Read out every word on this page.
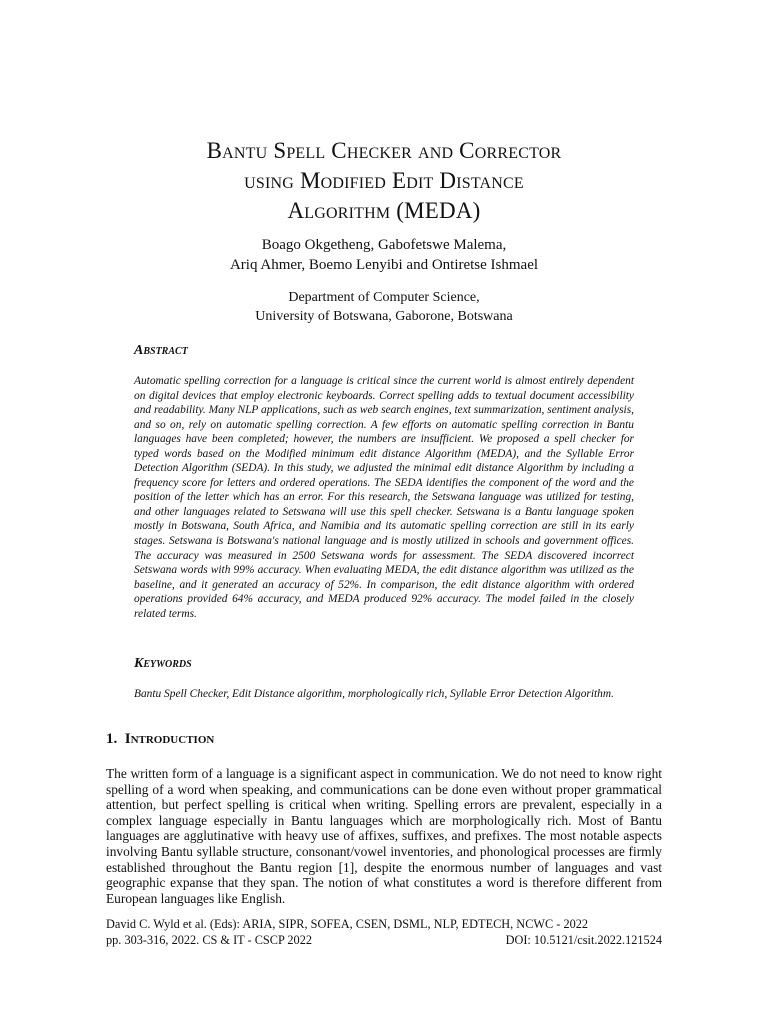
Bantu Spell Checker and Corrector
using Modified Edit Distance
Algorithm (MEDA)
Boago Okgetheng, Gabofetswe Malema,
Ariq Ahmer, Boemo Lenyibi and Ontiretse Ishmael
Department of Computer Science,
University of Botswana, Gaborone, Botswana
Abstract
Automatic spelling correction for a language is critical since the current world is almost entirely dependent on digital devices that employ electronic keyboards. Correct spelling adds to textual document accessibility and readability. Many NLP applications, such as web search engines, text summarization, sentiment analysis, and so on, rely on automatic spelling correction. A few efforts on automatic spelling correction in Bantu languages have been completed; however, the numbers are insufficient. We proposed a spell checker for typed words based on the Modified minimum edit distance Algorithm (MEDA), and the Syllable Error Detection Algorithm (SEDA). In this study, we adjusted the minimal edit distance Algorithm by including a frequency score for letters and ordered operations. The SEDA identifies the component of the word and the position of the letter which has an error. For this research, the Setswana language was utilized for testing, and other languages related to Setswana will use this spell checker. Setswana is a Bantu language spoken mostly in Botswana, South Africa, and Namibia and its automatic spelling correction are still in its early stages. Setswana is Botswana's national language and is mostly utilized in schools and government offices. The accuracy was measured in 2500 Setswana words for assessment. The SEDA discovered incorrect Setswana words with 99% accuracy. When evaluating MEDA, the edit distance algorithm was utilized as the baseline, and it generated an accuracy of 52%. In comparison, the edit distance algorithm with ordered operations provided 64% accuracy, and MEDA produced 92% accuracy. The model failed in the closely related terms.
Keywords
Bantu Spell Checker, Edit Distance algorithm, morphologically rich, Syllable Error Detection Algorithm.
1. Introduction
The written form of a language is a significant aspect in communication. We do not need to know right spelling of a word when speaking, and communications can be done even without proper grammatical attention, but perfect spelling is critical when writing. Spelling errors are prevalent, especially in a complex language especially in Bantu languages which are morphologically rich. Most of Bantu languages are agglutinative with heavy use of affixes, suffixes, and prefixes. The most notable aspects involving Bantu syllable structure, consonant/vowel inventories, and phonological processes are firmly established throughout the Bantu region [1], despite the enormous number of languages and vast geographic expanse that they span. The notion of what constitutes a word is therefore different from European languages like English.
David C. Wyld et al. (Eds): ARIA, SIPR, SOFEA, CSEN, DSML, NLP, EDTECH, NCWC - 2022
pp. 303-316, 2022. CS & IT - CSCP 2022	DOI: 10.5121/csit.2022.121524
